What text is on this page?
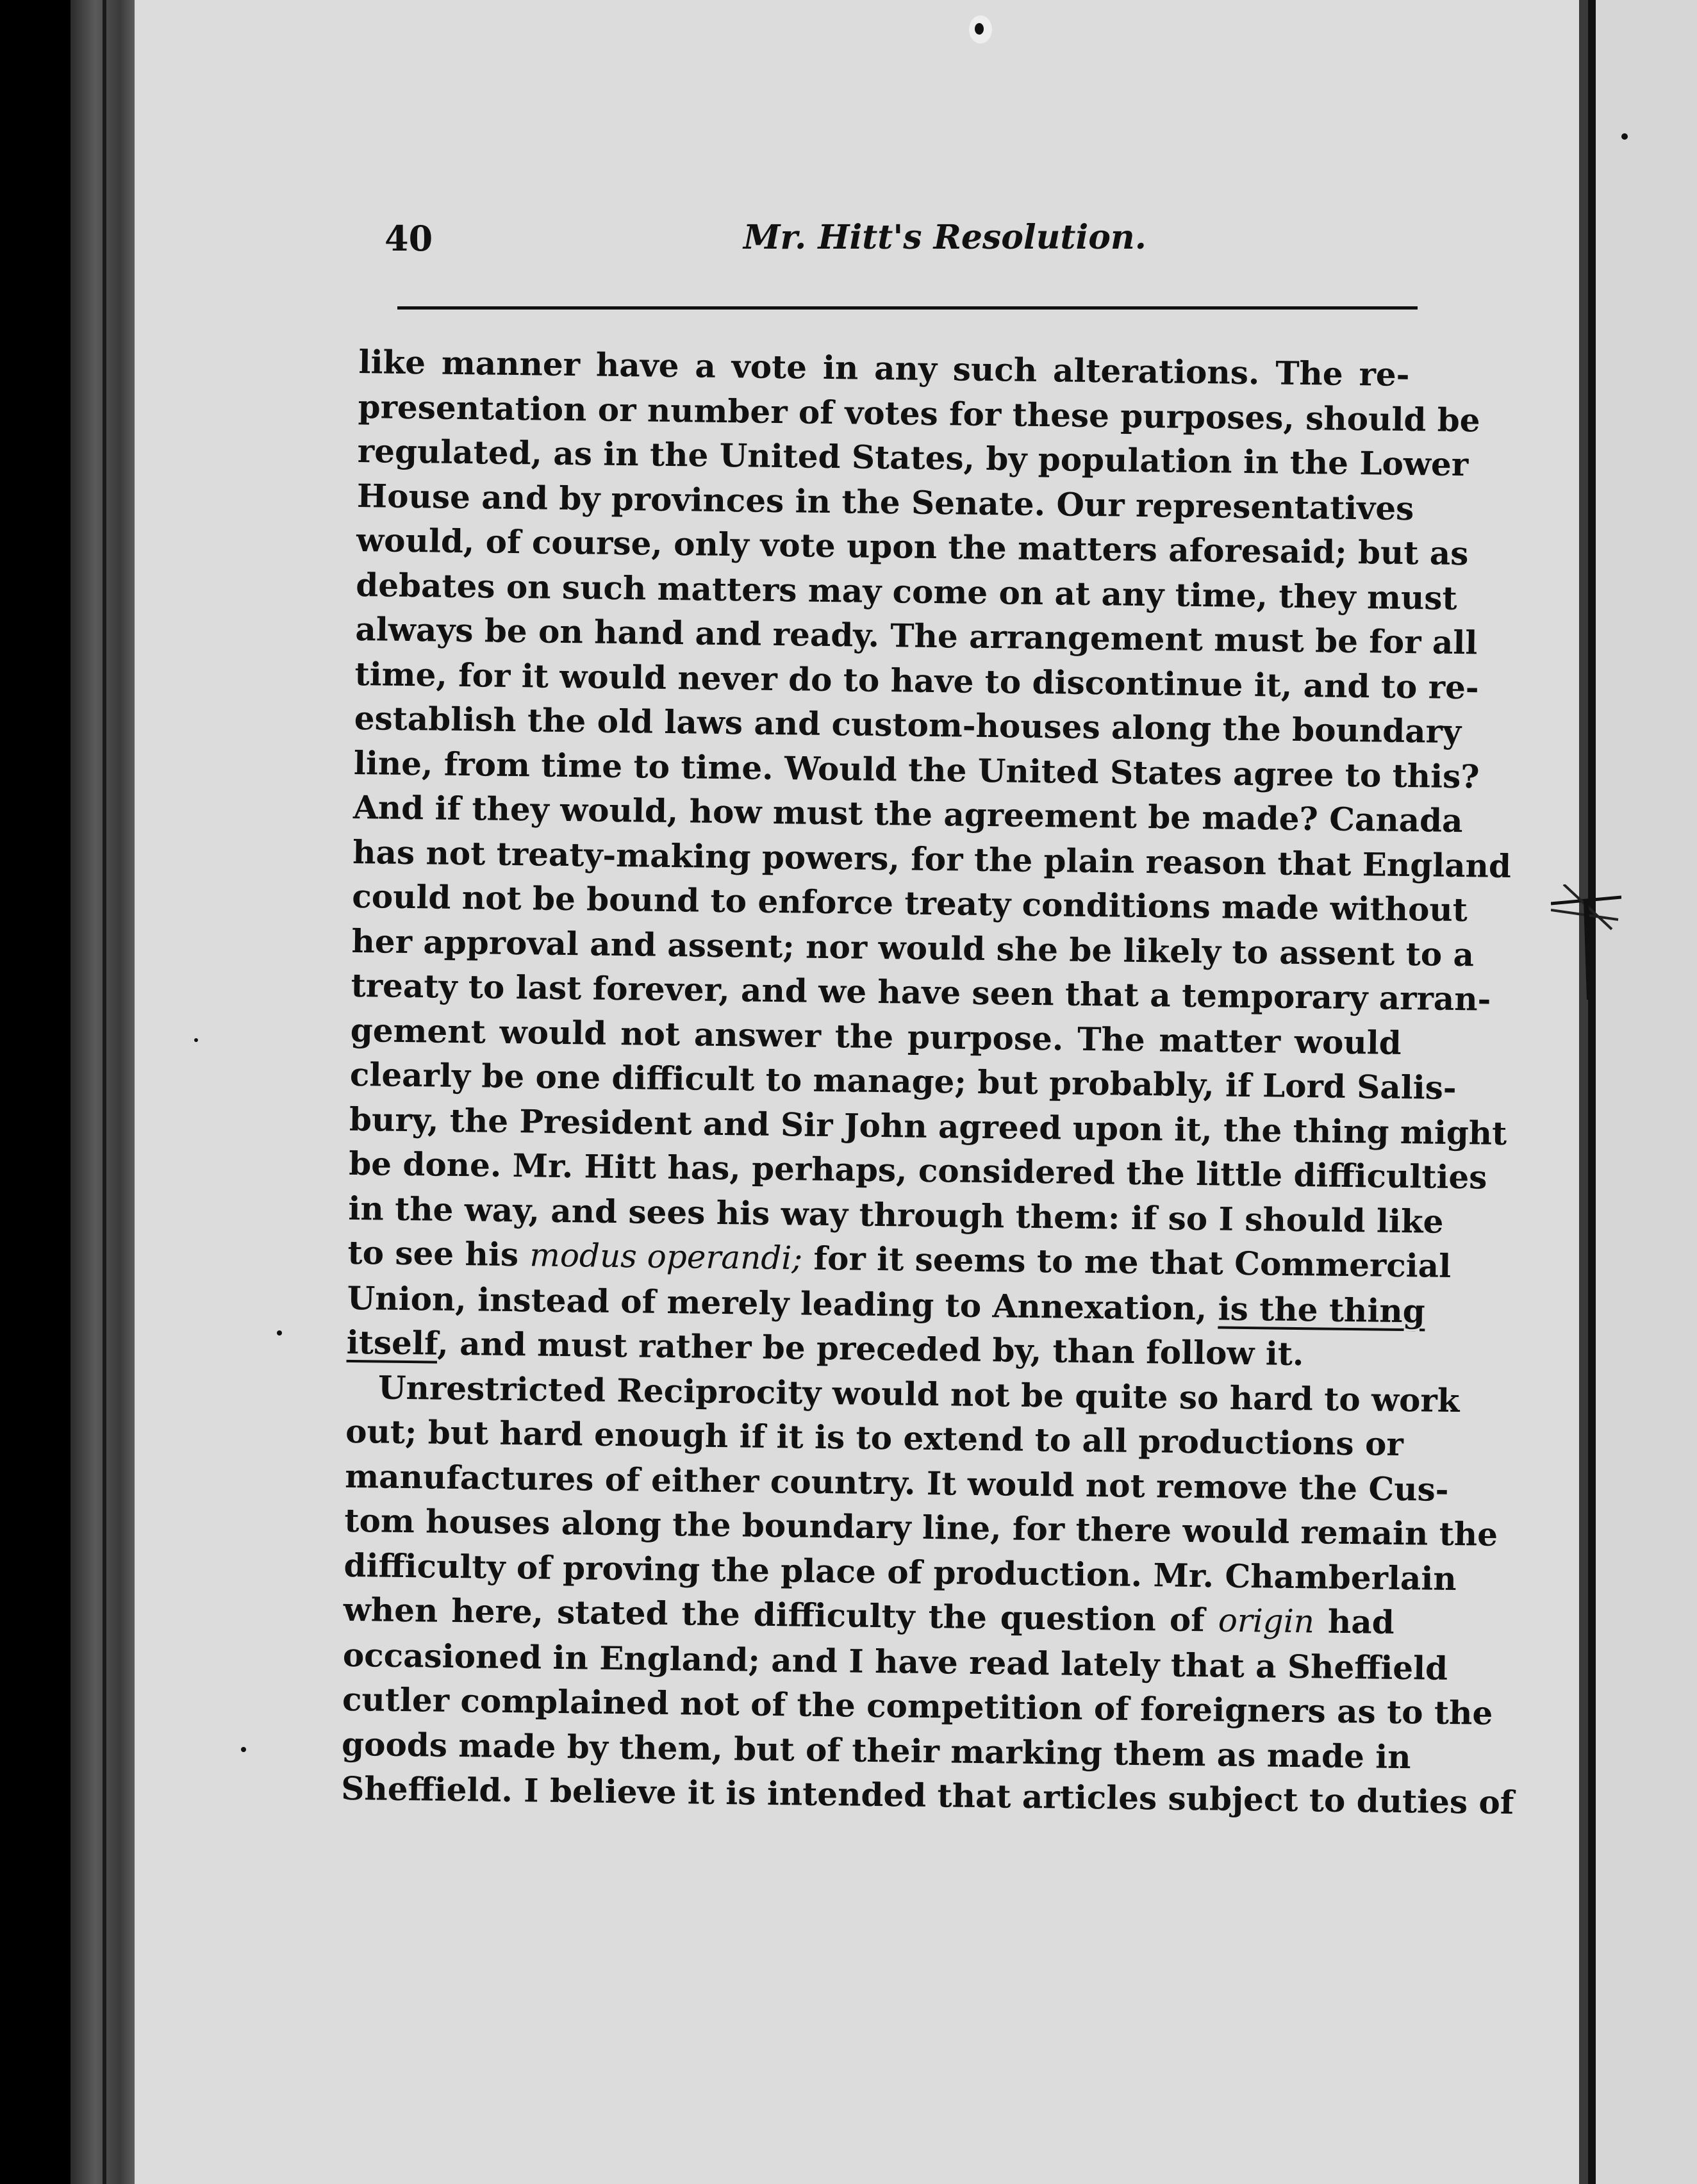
40	Mr. Hitt's Resolution.
like manner have a vote in any such alterations. The re-
presentation or number of votes for these purposes, should be
regulated, as in the United States, by population in the Lower
House and by provinces in the Senate. Our representatives
would, of course, only vote upon the matters aforesaid; but as
debates on such matters may come on at any time, they must
always be on hand and ready. The arrangement must be for all
time, for it would never do to have to discontinue it, and to re-
establish the old laws and custom-houses along the boundary
line, from time to time. Would the United States agree to this?
And if they would, how must the agreement be made? Canada
has not treaty-making powers, for the plain reason that England
could not be bound to enforce treaty conditions made without
her approval and assent; nor would she be likely to assent to a
treaty to last forever, and we have seen that a temporary arran-
gement would not answer the purpose. The matter would
clearly be one difficult to manage; but probably, if Lord Salis-
bury, the President and Sir John agreed upon it, the thing might
be done. Mr. Hitt has, perhaps, considered the little difficulties
in the way, and sees his way through them: if so I should like
to see his modus operandi; for it seems to me that Commercial
Union, instead of merely leading to Annexation, is the thing
itself, and must rather be preceded by, than follow it.
Unrestricted Reciprocity would not be quite so hard to work
out; but hard enough if it is to extend to all productions or
manufactures of either country. It would not remove the Cus-
tom houses along the boundary line, for there would remain the
difficulty of proving the place of production. Mr. Chamberlain
when here, stated the difficulty the question of origin had
occasioned in England; and I have read lately that a Sheffield
cutler complained not of the competition of foreigners as to the
goods made by them, but of their marking them as made in
Sheffield. I believe it is intended that articles subject to duties of
